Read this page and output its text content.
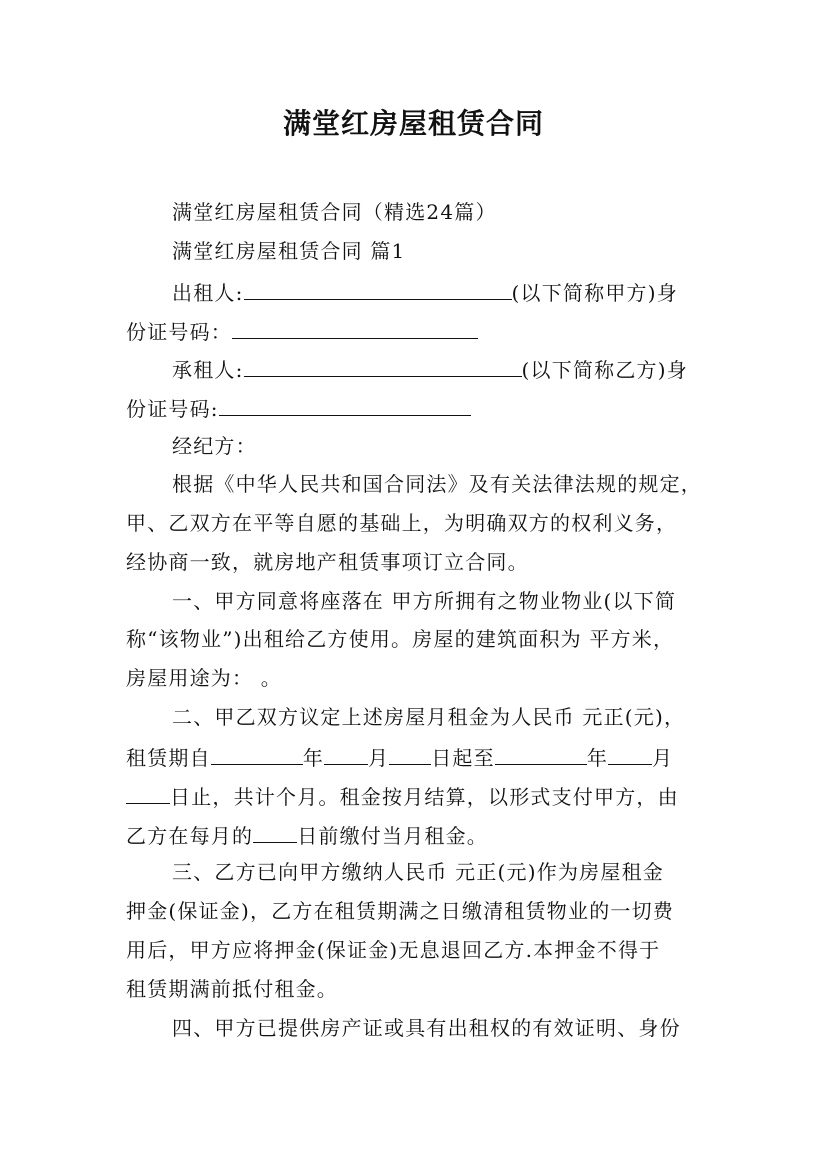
满堂红房屋租赁合同
满堂红房屋租赁合同（精选24篇）
满堂红房屋租赁合同 篇1
出租人:	(以下简称甲方)身
份证号码：
承租人:	(以下简称乙方)身
份证号码:
经纪方：
根据《中华人民共和国合同法》及有关法律法规的规定，
甲、乙双方在平等自愿的基础上，为明确双方的权利义务，
经协商一致，就房地产租赁事项订立合同。
一、甲方同意将座落在 甲方所拥有之物业物业(以下简
称“该物业”)出租给乙方使用。房屋的建筑面积为 平方米，
房屋用途为： 。
二、甲乙双方议定上述房屋月租金为人民币 元正(元)，
租赁期自	年 月 日起至	年 月
日止，共计个月。租金按月结算，以形式支付甲方，由
乙方在每月的 日前缴付当月租金。
三、乙方已向甲方缴纳人民币 元正(元)作为房屋租金
押金(保证金)，乙方在租赁期满之日缴清租赁物业的一切费
用后，甲方应将押金(保证金)无息退回乙方.本押金不得于
租赁期满前抵付租金。
四、甲方已提供房产证或具有出租权的有效证明、身份
